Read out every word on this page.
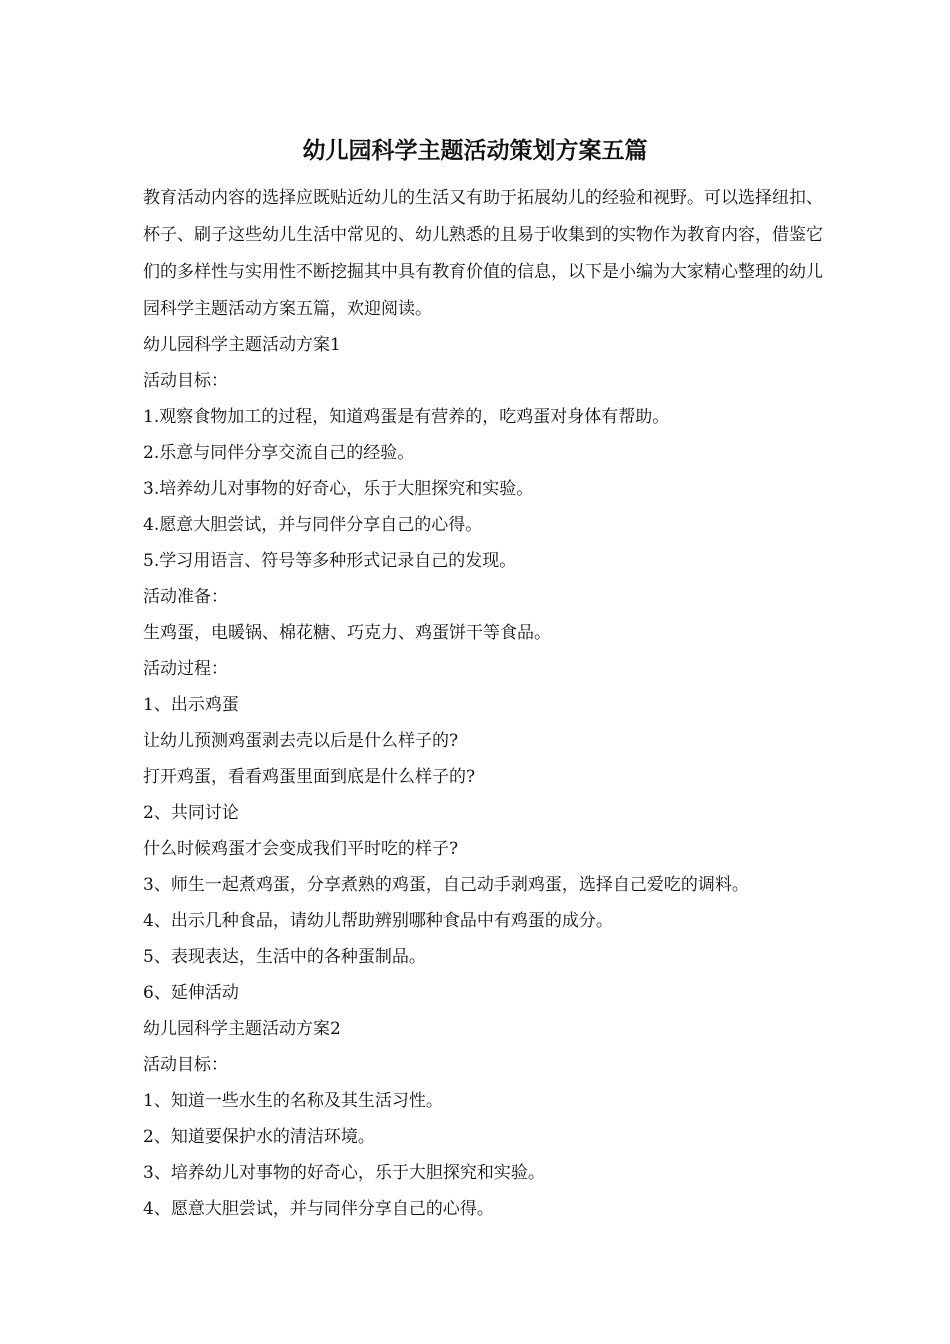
幼儿园科学主题活动策划方案五篇

教育活动内容的选择应既贴近幼儿的生活又有助于拓展幼儿的经验和视野。可以选择纽扣、杯子、刷子这些幼儿生活中常见的、幼儿熟悉的且易于收集到的实物作为教育内容，借鉴它们的多样性与实用性不断挖掘其中具有教育价值的信息，以下是小编为大家精心整理的幼儿园科学主题活动方案五篇，欢迎阅读。

幼儿园科学主题活动方案1
活动目标：
1.观察食物加工的过程，知道鸡蛋是有营养的，吃鸡蛋对身体有帮助。
2.乐意与同伴分享交流自己的经验。
3.培养幼儿对事物的好奇心，乐于大胆探究和实验。
4.愿意大胆尝试，并与同伴分享自己的心得。
5.学习用语言、符号等多种形式记录自己的发现。
活动准备：
生鸡蛋，电暖锅、棉花糖、巧克力、鸡蛋饼干等食品。
活动过程：
1、出示鸡蛋
让幼儿预测鸡蛋剥去壳以后是什么样子的?
打开鸡蛋，看看鸡蛋里面到底是什么样子的?
2、共同讨论
什么时候鸡蛋才会变成我们平时吃的样子?
3、师生一起煮鸡蛋，分享煮熟的鸡蛋，自己动手剥鸡蛋，选择自己爱吃的调料。
4、出示几种食品，请幼儿帮助辨别哪种食品中有鸡蛋的成分。
5、表现表达，生活中的各种蛋制品。
6、延伸活动
幼儿园科学主题活动方案2
活动目标：
1、知道一些水生的名称及其生活习性。
2、知道要保护水的清洁环境。
3、培养幼儿对事物的好奇心，乐于大胆探究和实验。
4、愿意大胆尝试，并与同伴分享自己的心得。
